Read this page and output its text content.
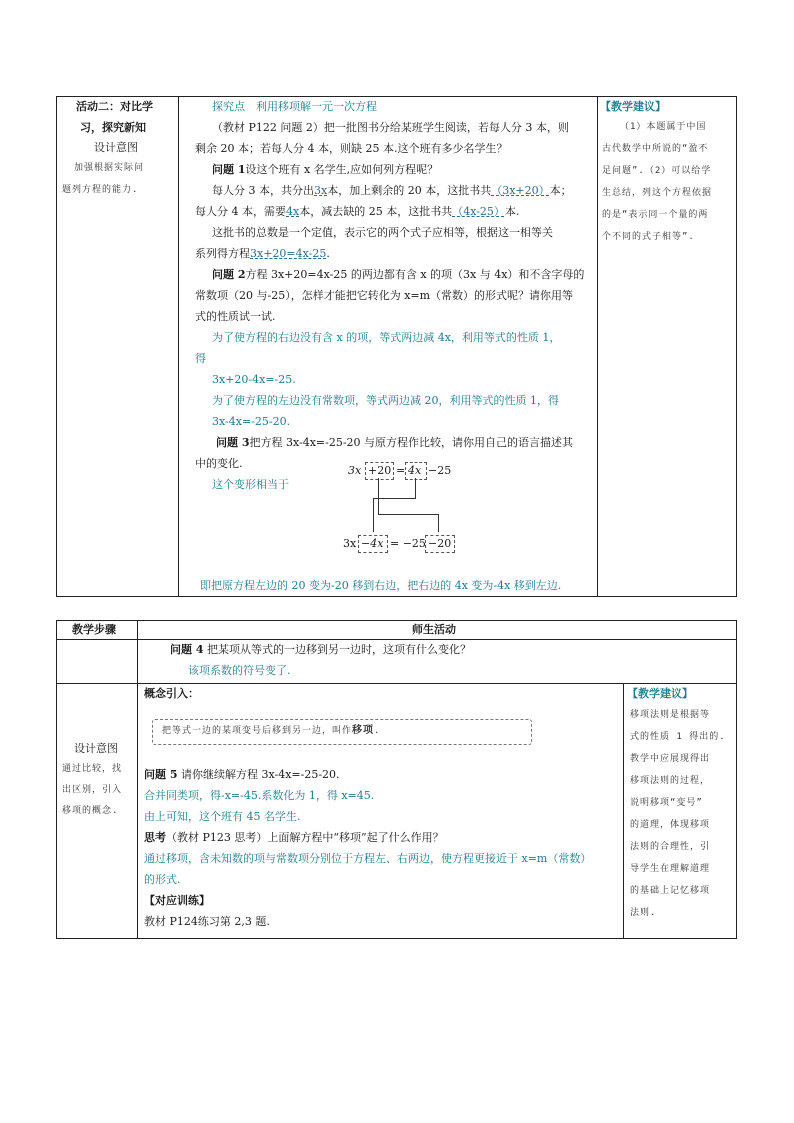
活动二：对比学
习，探究新知
设计意图
加强根据实际问
题列方程的能力.
探究点　利用移项解一元一次方程
（教材 P122 问题 2）把一批图书分给某班学生阅读，若每人分 3 本，则
剩余 20 本；若每人分 4 本，则缺 25 本.这个班有多少名学生？
问题 1设这个班有 x 名学生,应如何列方程呢？
每人分 3 本，共分出3x本，加上剩余的 20 本，这批书共（3x+20）本；
每人分 4 本，需要4x本，减去缺的 25 本，这批书共（4x-25）本.
这批书的总数是一个定值，表示它的两个式子应相等，根据这一相等关
系列得方程3x+20=4x-25.
问题 2方程 3x+20=4x-25 的两边都有含 x 的项（3x 与 4x）和不含字母的
常数项（20 与-25），怎样才能把它转化为 x=m（常数）的形式呢？请你用等
式的性质试一试.
为了使方程的右边没有含 x 的项，等式两边减 4x，利用等式的性质 1，
得
3x+20-4x=-25.
为了使方程的左边没有常数项，等式两边减 20，利用等式的性质 1，得
3x-4x=-25-20.
问题 3把方程 3x-4x=-25-20 与原方程作比较，请你用自己的语言描述其
中的变化.
这个变形相当于
3x +20 = 4x −25
3x −4x = −25 −20
即把原方程左边的 20 变为-20 移到右边，把右边的 4x 变为-4x 移到左边.
【教学建议】
（1）本题属于中国
古代数学中所说的“盈不
足问题”.（2）可以给学
生总结，列这个方程依据
的是“表示同一个量的两
个不同的式子相等”.
教学步骤	师生活动
问题 4 把某项从等式的一边移到另一边时，这项有什么变化？
该项系数的符号变了.
设计意图
通过比较，找
出区别，引入
移项的概念.
概念引入：
把等式一边的某项变号后移到另一边，叫作移项.
问题 5 请你继续解方程 3x-4x=-25-20.
合并同类项，得-x=-45.系数化为 1，得 x=45.
由上可知，这个班有 45 名学生.
思考（教材 P123 思考）上面解方程中“移项”起了什么作用？
通过移项，含未知数的项与常数项分别位于方程左、右两边，使方程更接近于 x=m（常数）
的形式.
【对应训练】
教材 P124练习第 2,3 题.
【教学建议】
移项法则是根据等
式的性质 1 得出的.
教学中应展现得出
移项法则的过程，
说明移项“变号”
的道理，体现移项
法则的合理性，引
导学生在理解道理
的基础上记忆移项
法则.
